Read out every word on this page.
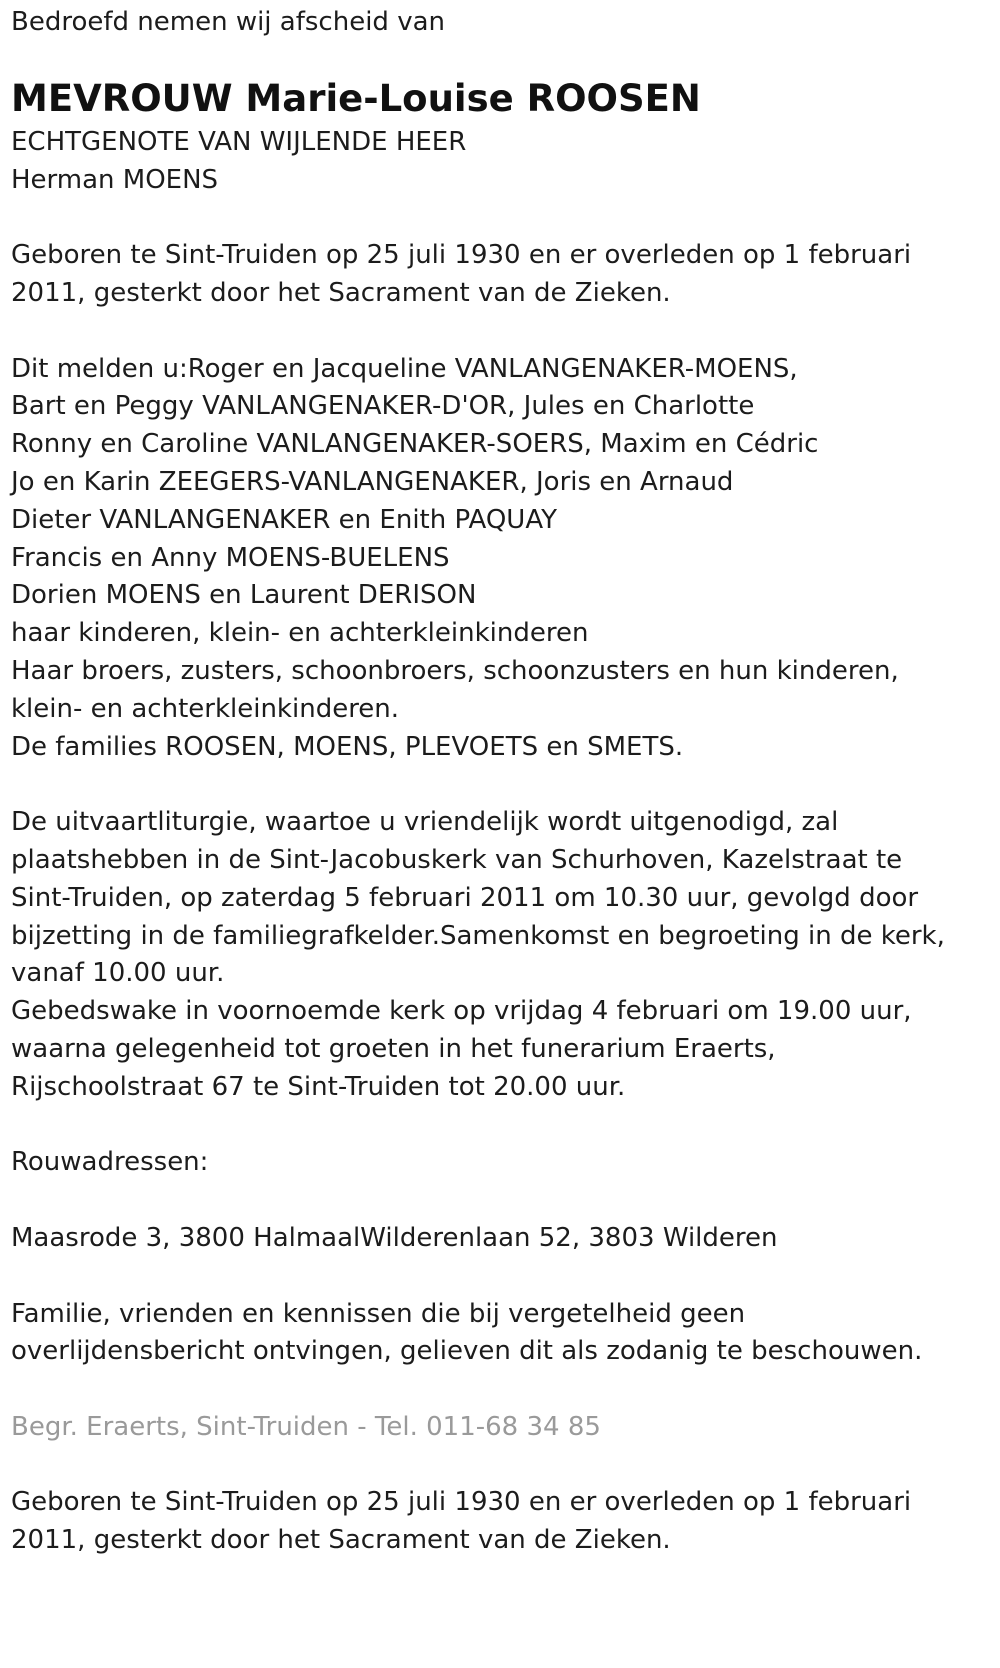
Bedroefd nemen wij afscheid van
MEVROUW Marie-Louise ROOSEN
ECHTGENOTE VAN WIJLENDE HEER
Herman MOENS
Geboren te Sint-Truiden op 25 juli 1930 en er overleden op 1 februari
2011, gesterkt door het Sacrament van de Zieken.
Dit melden u:Roger en Jacqueline VANLANGENAKER-MOENS,
Bart en Peggy VANLANGENAKER-D'OR, Jules en Charlotte
Ronny en Caroline VANLANGENAKER-SOERS, Maxim en Cédric
Jo en Karin ZEEGERS-VANLANGENAKER, Joris en Arnaud
Dieter VANLANGENAKER en Enith PAQUAY
Francis en Anny MOENS-BUELENS
Dorien MOENS en Laurent DERISON
haar kinderen, klein- en achterkleinkinderen
Haar broers, zusters, schoonbroers, schoonzusters en hun kinderen,
klein- en achterkleinkinderen.
De families ROOSEN, MOENS, PLEVOETS en SMETS.
De uitvaartliturgie, waartoe u vriendelijk wordt uitgenodigd, zal
plaatshebben in de Sint-Jacobuskerk van Schurhoven, Kazelstraat te
Sint-Truiden, op zaterdag 5 februari 2011 om 10.30 uur, gevolgd door
bijzetting in de familiegrafkelder.Samenkomst en begroeting in de kerk,
vanaf 10.00 uur.
Gebedswake in voornoemde kerk op vrijdag 4 februari om 19.00 uur,
waarna gelegenheid tot groeten in het funerarium Eraerts,
Rijschoolstraat 67 te Sint-Truiden tot 20.00 uur.
Rouwadressen:
Maasrode 3, 3800 HalmaalWilderenlaan 52, 3803 Wilderen
Familie, vrienden en kennissen die bij vergetelheid geen
overlijdensbericht ontvingen, gelieven dit als zodanig te beschouwen.
Begr. Eraerts, Sint-Truiden - Tel. 011-68 34 85
Geboren te Sint-Truiden op 25 juli 1930 en er overleden op 1 februari
2011, gesterkt door het Sacrament van de Zieken.
